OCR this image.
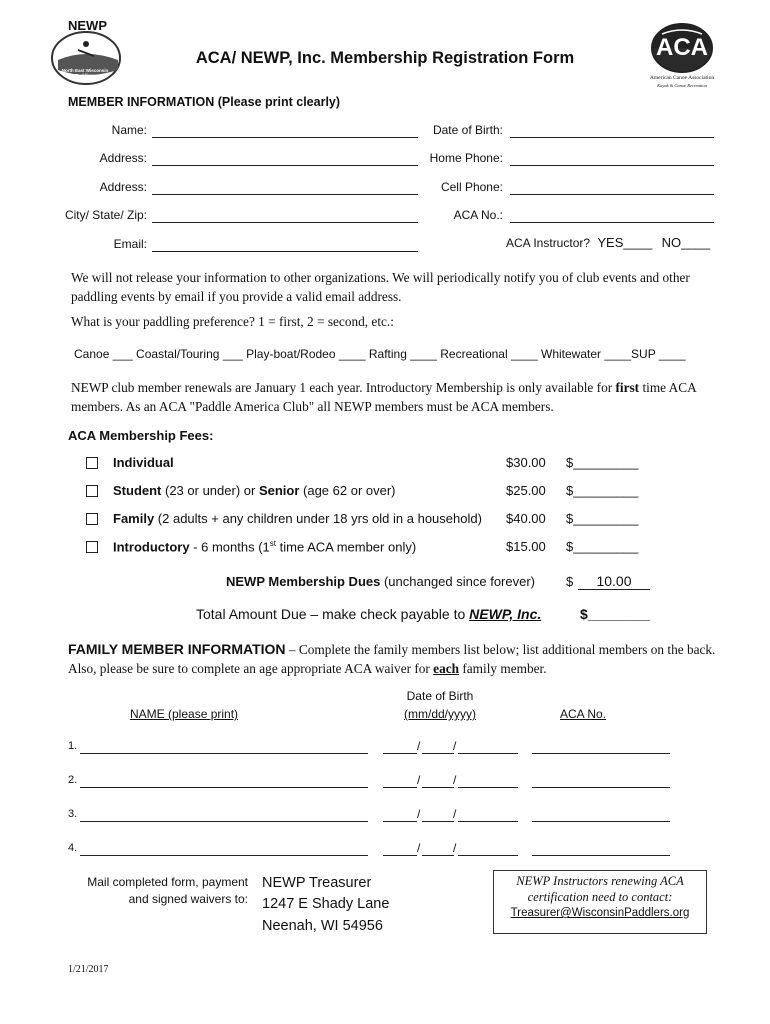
NEWP
North East Wisconsin Paddlers
ACA/ NEWP, Inc. Membership Registration Form	ACA
American Canoe Association
Kayak & Canoe Recreation
MEMBER INFORMATION (Please print clearly)
Name:
Address:
Address:
City/ State/ Zip:
Email:
Date of Birth:
Home Phone:
Cell Phone:
ACA No.:
ACA Instructor? YES____ NO____
We will not release your information to other organizations. We will periodically notify you of club events and other paddling events by email if you provide a valid email address.
What is your paddling preference? 1 = first, 2 = second, etc.:
Canoe ___ Coastal/Touring ___ Play-boat/Rodeo ____ Rafting ____ Recreational ____ Whitewater ____SUP ____
NEWP club member renewals are January 1 each year. Introductory Membership is only available for first time ACA members. As an ACA "Paddle America Club" all NEWP members must be ACA members.
ACA Membership Fees:
Individual	$30.00 $_________
Student (23 or under) or Senior (age 62 or over)	$25.00 $_________
Family (2 adults + any children under 18 yrs old in a household) $40.00 $_________
Introductory - 6 months (1st time ACA member only)	$15.00 $_________
NEWP Membership Dues (unchanged since forever) $	10.00
Total Amount Due – make check payable to NEWP, Inc.	$________
FAMILY MEMBER INFORMATION – Complete the family members list below; list additional members on the back. Also, please be sure to complete an age appropriate ACA waiver for each family member.
NAME (please print)
Date of Birth
(mm/dd/yyyy)	ACA No.
1.	/	/
2.	/	/
3.	/	/
4.	/	/
Mail completed form, payment
and signed waivers to:
NEWP Treasurer
1247 E Shady Lane
Neenah, WI 54956
NEWP Instructors renewing ACA
certification need to contact:
Treasurer@WisconsinPaddlers.org
1/21/2017
